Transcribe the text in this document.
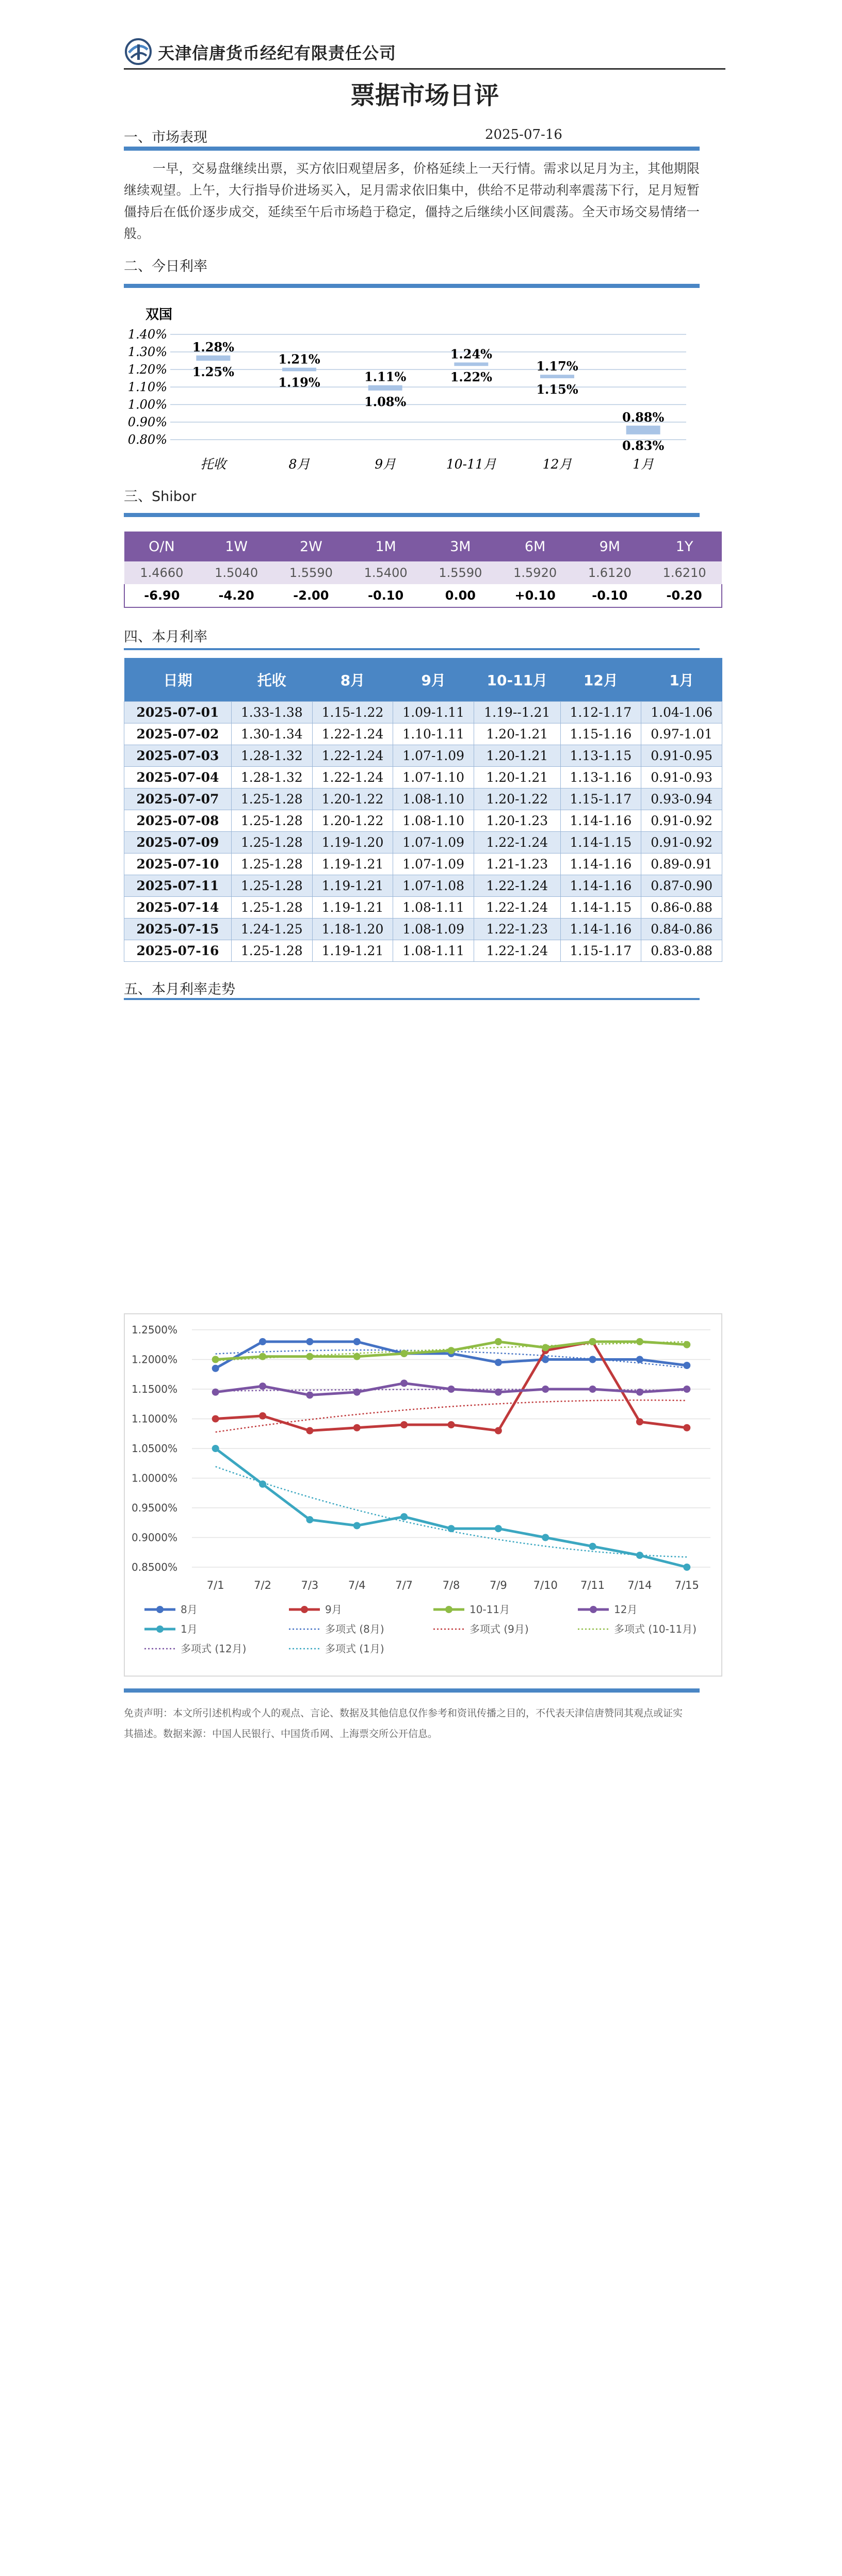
天津信唐货币经纪有限责任公司
票据市场日评
一、市场表现	2025-07-16
一早，交易盘继续出票，买方依旧观望居多，价格延续上一天行情。需求以足月为主，其他期限继续观望。上午，大行指导价进场买入，足月需求依旧集中，供给不足带动利率震荡下行，足月短暂僵持后在低价逐步成交，延续至午后市场趋于稳定，僵持之后继续小区间震荡。全天市场交易情绪一般。
二、今日利率
双国
1.40%
1.30%
1.20%
1.10%
1.00%
0.90%
0.80%
1.28%
1.25%
托收
1.21%
1.19%
8月
1.11%
1.08%
9月
1.24%
1.22%
10-11月
1.17%
1.15%
12月
0.88%
0.83%
1月
三、Shibor
O/N	1W	2W	1M	3M	6M	9M	1Y
1.4660	1.5040	1.5590	1.5400	1.5590	1.5920	1.6120	1.6210
-6.90	-4.20	-2.00	-0.10	0.00	+0.10	-0.10	-0.20
四、本月利率
日期	托收	8月	9月	10-11月	12月	1月
2025-07-01	1.33-1.38	1.15-1.22	1.09-1.11	1.19--1.21	1.12-1.17	1.04-1.06
2025-07-02	1.30-1.34	1.22-1.24	1.10-1.11	1.20-1.21	1.15-1.16	0.97-1.01
2025-07-03	1.28-1.32	1.22-1.24	1.07-1.09	1.20-1.21	1.13-1.15	0.91-0.95
2025-07-04	1.28-1.32	1.22-1.24	1.07-1.10	1.20-1.21	1.13-1.16	0.91-0.93
2025-07-07	1.25-1.28	1.20-1.22	1.08-1.10	1.20-1.22	1.15-1.17	0.93-0.94
2025-07-08	1.25-1.28	1.20-1.22	1.08-1.10	1.20-1.23	1.14-1.16	0.91-0.92
2025-07-09	1.25-1.28	1.19-1.20	1.07-1.09	1.22-1.24	1.14-1.15	0.91-0.92
2025-07-10	1.25-1.28	1.19-1.21	1.07-1.09	1.21-1.23	1.14-1.16	0.89-0.91
2025-07-11	1.25-1.28	1.19-1.21	1.07-1.08	1.22-1.24	1.14-1.16	0.87-0.90
2025-07-14	1.25-1.28	1.19-1.21	1.08-1.11	1.22-1.24	1.14-1.15	0.86-0.88
2025-07-15	1.24-1.25	1.18-1.20	1.08-1.09	1.22-1.23	1.14-1.16	0.84-0.86
2025-07-16	1.25-1.28	1.19-1.21	1.08-1.11	1.22-1.24	1.15-1.17	0.83-0.88
五、本月利率走势
1.2500%
1.2000%
1.1500%
1.1000%
1.0500%
1.0000%
0.9500%
0.9000%
0.8500%
7/1	7/2	7/3	7/4	7/7	7/8	7/9 7/10 7/11 7/14 7/15
8月	9月	10-11月	12月
1月	多项式 (8月)	多项式 (9月)	多项式 (10-11月)
多项式 (12月)	多项式 (1月)
免责声明：本文所引述机构或个人的观点、言论、数据及其他信息仅作参考和资讯传播之目的，不代表天津信唐赞同其观点或证实其描述。数据来源：中国人民银行、中国货币网、上海票交所公开信息。
